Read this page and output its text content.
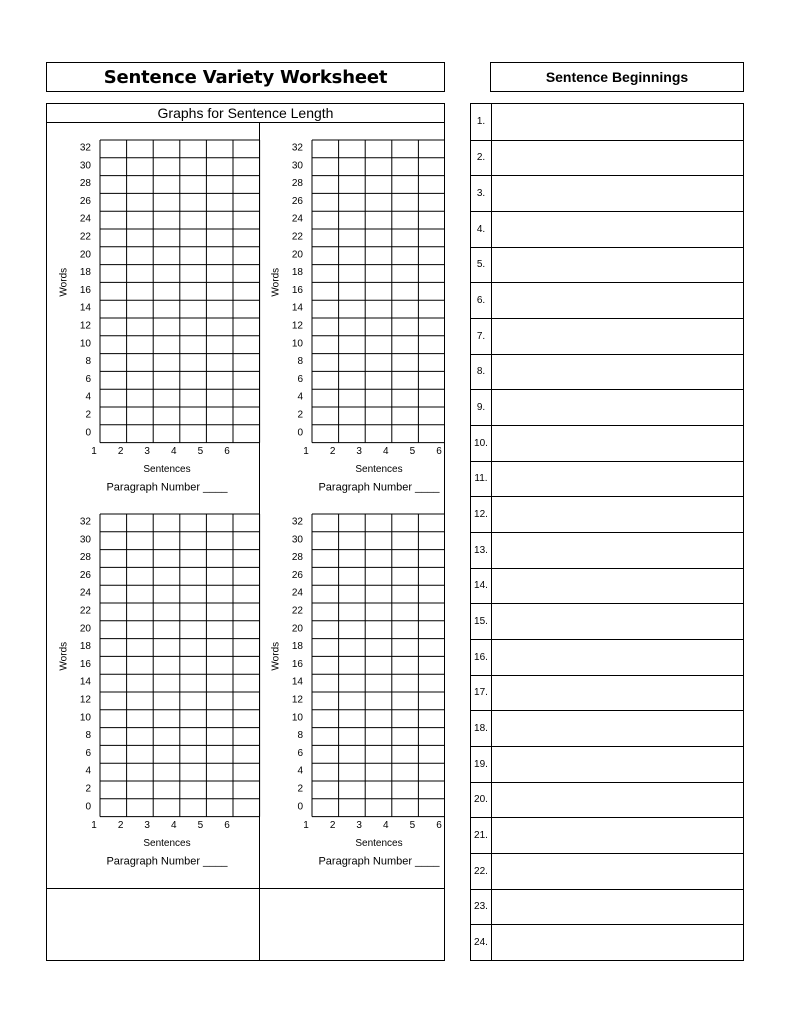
Sentence Variety Worksheet	Sentence Beginnings
Graphs for Sentence Length
32
30
28
26
24
22
20
18
16
14
12
10
8
6
4
2
0
1 2 3 4 5 6
Words
Sentences
Paragraph Number ____
32
30
28
26
24
22
20
18
16
14
12
10
8
6
4
2
0
1 2 3 4 5 6
Words
Sentences
Paragraph Number ____
32
30
28
26
24
22
20
18
16
14
12
10
8
6
4
2
0
1 2 3 4 5 6
Words
Sentences
Paragraph Number ____
32
30
28
26
24
22
20
18
16
14
12
10
8
6
4
2
0
1 2 3 4 5 6
Words
Sentences
Paragraph Number ____
1.
2.
3.
4.
5.
6.
7.
8.
9.
10.
11.
12.
13.
14.
15.
16.
17.
18.
19.
20.
21.
22.
23.
24.
